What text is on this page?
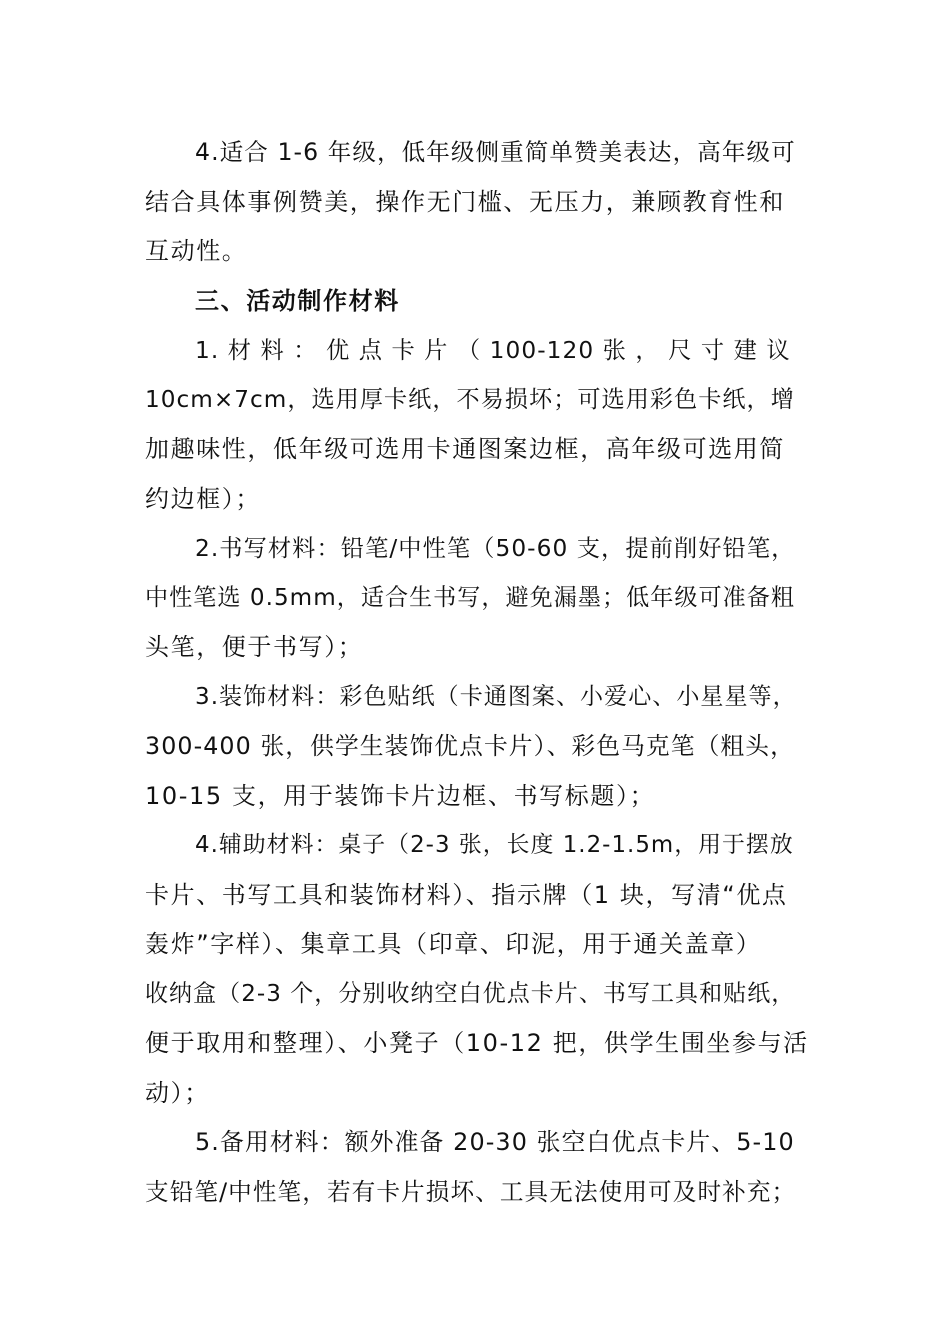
4.适合 1-6 年级，低年级侧重简单赞美表达，高年级可
结合具体事例赞美，操作无门槛、无压力，兼顾教育性和
互动性。
三、活动制作材料
1. 材 料 ： 优 点 卡 片 （ 100-120 张 ， 尺 寸 建 议
10cm×7cm，选用厚卡纸，不易损坏；可选用彩色卡纸，增
加趣味性，低年级可选用卡通图案边框，高年级可选用简
约边框）；
2.书写材料：铅笔/中性笔（50-60 支，提前削好铅笔，
中性笔选 0.5mm，适合生书写，避免漏墨；低年级可准备粗
头笔，便于书写）；
3.装饰材料：彩色贴纸（卡通图案、小爱心、小星星等，
300-400 张，供学生装饰优点卡片）、彩色马克笔（粗头，
10-15 支，用于装饰卡片边框、书写标题）；
4.辅助材料：桌子（2-3 张，长度 1.2-1.5m，用于摆放
卡片、书写工具和装饰材料）、指示牌（1 块，写清“优点
轰炸”字样）、集章工具（印章、印泥，用于通关盖章）
收纳盒（2-3 个，分别收纳空白优点卡片、书写工具和贴纸，
便于取用和整理）、小凳子（10-12 把，供学生围坐参与活
动）；
5.备用材料：额外准备 20-30 张空白优点卡片、5-10
支铅笔/中性笔，若有卡片损坏、工具无法使用可及时补充；
